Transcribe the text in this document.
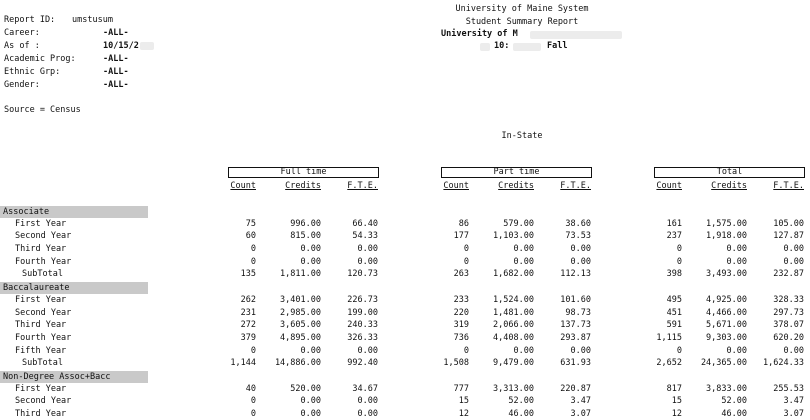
Report ID: umstusum
Career:	-ALL-
As of :	10/15/2
Academic Prog:	-ALL-
Ethnic Grp:	-ALL-
Gender:	-ALL-
Source = Census
University of Maine System
Student Summary Report
University of M
10:	Fall
In-State
Full time	Part time	Total
Count	Credits	F.T.E.	Count	Credits	F.T.E.	Count	Credits	F.T.E.
Associate
First Year	75	996.00	66.40	86	579.00	38.60	161	1,575.00	105.00
Second Year	60	815.00	54.33	177	1,103.00	73.53	237	1,918.00	127.87
Third Year	0	0.00	0.00	0	0.00	0.00	0	0.00	0.00
Fourth Year	0	0.00	0.00	0	0.00	0.00	0	0.00	0.00
SubTotal	135	1,811.00	120.73	263	1,682.00	112.13	398	3,493.00	232.87
Baccalaureate
First Year	262	3,401.00	226.73	233	1,524.00	101.60	495	4,925.00	328.33
Second Year	231	2,985.00	199.00	220	1,481.00	98.73	451	4,466.00	297.73
Third Year	272	3,605.00	240.33	319	2,066.00	137.73	591	5,671.00	378.07
Fourth Year	379	4,895.00	326.33	736	4,408.00	293.87	1,115	9,303.00	620.20
Fifth Year	0	0.00	0.00	0	0.00	0.00	0	0.00	0.00
SubTotal	1,144	14,886.00	992.40	1,508	9,479.00	631.93	2,652	24,365.00	1,624.33
Non-Degree Assoc+Bacc
First Year	40	520.00	34.67	777	3,313.00	220.87	817	3,833.00	255.53
Second Year	0	0.00	0.00	15	52.00	3.47	15	52.00	3.47
Third Year	0	0.00	0.00	12	46.00	3.07	12	46.00	3.07
